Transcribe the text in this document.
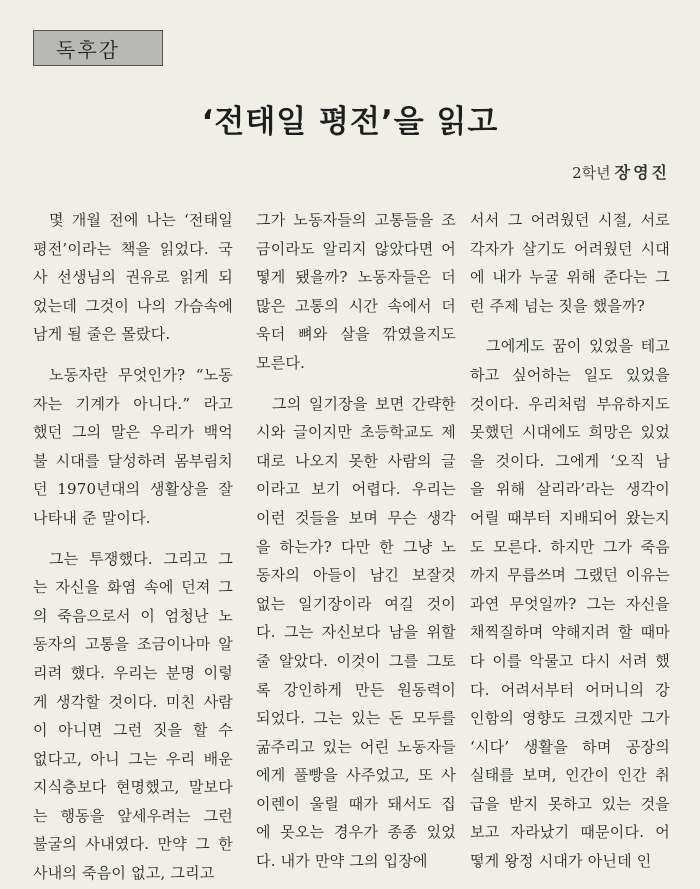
독후감
‘전태일 평전’을 읽고
2학년 장영진
몇 개월 전에 나는 ‘전태일
평전’이라는 책을 읽었다. 국
사 선생님의 권유로 읽게 되
었는데 그것이 나의 가슴속에
남게 될 줄은 몰랐다.
노동자란 무엇인가? “노동
자는 기계가 아니다.” 라고
했던 그의 말은 우리가 백억
불 시대를 달성하려 몸부림치
던 1970년대의 생활상을 잘
나타내 준 말이다.
그는 투쟁했다. 그리고 그
는 자신을 화염 속에 던져 그
의 죽음으로서 이 엄청난 노
동자의 고통을 조금이나마 알
리려 했다. 우리는 분명 이렇
게 생각할 것이다. 미친 사람
이 아니면 그런 짓을 할 수
없다고, 아니 그는 우리 배운
지식층보다 현명했고, 말보다
는 행동을 앞세우려는 그런
불굴의 사내였다. 만약 그 한
사내의 죽음이 없고, 그리고
그가 노동자들의 고통들을 조
금이라도 알리지 않았다면 어
떻게 됐을까? 노동자들은 더
많은 고통의 시간 속에서 더
욱더 뼈와 살을 깎였을지도
모른다.
그의 일기장을 보면 간략한
시와 글이지만 초등학교도 제
대로 나오지 못한 사람의 글
이라고 보기 어렵다. 우리는
이런 것들을 보며 무슨 생각
을 하는가? 다만 한 그냥 노
동자의 아들이 남긴 보잘것
없는 일기장이라 여길 것이
다. 그는 자신보다 남을 위할
줄 알았다. 이것이 그를 그토
록 강인하게 만든 원동력이
되었다. 그는 있는 돈 모두를
굶주리고 있는 어린 노동자들
에게 풀빵을 사주었고, 또 사
이렌이 울릴 때가 돼서도 집
에 못오는 경우가 종종 있었
다. 내가 만약 그의 입장에
서서 그 어려웠던 시절, 서로
각자가 살기도 어려웠던 시대
에 내가 누굴 위해 준다는 그
런 주제 넘는 짓을 했을까?
그에게도 꿈이 있었을 테고
하고 싶어하는 일도 있었을
것이다. 우리처럼 부유하지도
못했던 시대에도 희망은 있었
을 것이다. 그에게 ‘오직 남
을 위해 살리라’라는 생각이
어릴 때부터 지배되어 왔는지
도 모른다. 하지만 그가 죽음
까지 무릅쓰며 그랬던 이유는
과연 무엇일까? 그는 자신을
채찍질하며 약해지려 할 때마
다 이를 악물고 다시 서려 했
다. 어려서부터 어머니의 강
인함의 영향도 크겠지만 그가
‘시다’ 생활을 하며 공장의
실태를 보며, 인간이 인간 취
급을 받지 못하고 있는 것을
보고 자라났기 때문이다. 어
떻게 왕정 시대가 아닌데 인
